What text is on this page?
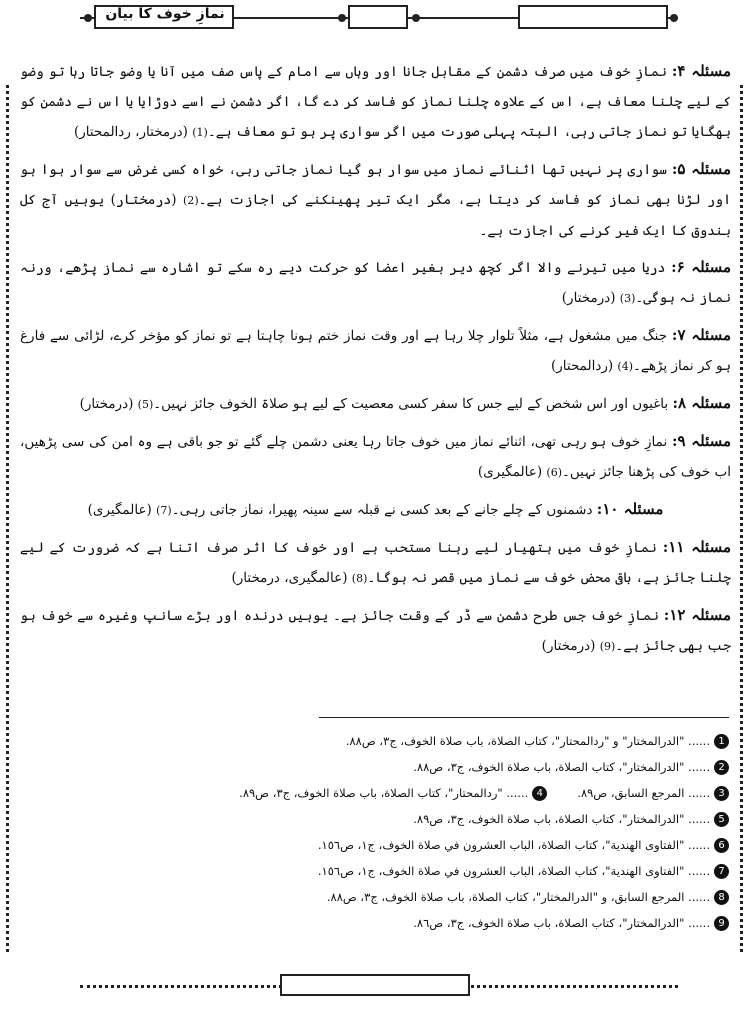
نمازِ خوف کا بیان

مسئلہ ۴: نمازِ خوف میں صرف دشمن کے مقابل جانا اور وہاں سے امام کے پاس صف میں آنا یا وضو جاتا رہا تو وضو کے لیے چلنا معاف ہے، اس کے علاوہ چلنا نماز کو فاسد کر دے گا، اگر دشمن نے اسے دوڑایا یا اس نے دشمن کو بھگایا تو نماز جاتی رہی، البتہ پہلی صورت میں اگر سواری پر ہو تو معاف ہے۔(1) (درمختار، ردالمحتار)

مسئلہ ۵: سواری پر نہیں تھا اثنائے نماز میں سوار ہو گیا نماز جاتی رہی، خواہ کسی غرض سے سوار ہوا ہو اور لڑنا بھی نماز کو فاسد کر دیتا ہے، مگر ایک تیر پھینکنے کی اجازت ہے۔(2) (درمختار) یوہیں آج کل بندوق کا ایک فیر کرنے کی اجازت ہے۔

مسئلہ ۶: دریا میں تیرنے والا اگر کچھ دیر بغیر اعضا کو حرکت دیے رہ سکے تو اشارہ سے نماز پڑھے، ورنہ نماز نہ ہوگی۔(3) (درمختار)

مسئلہ ۷: جنگ میں مشغول ہے، مثلاً تلوار چلا رہا ہے اور وقت نماز ختم ہونا چاہتا ہے تو نماز کو مؤخر کرے، لڑائی سے فارغ ہو کر نماز پڑھے۔(4) (ردالمحتار)

مسئلہ ۸: باغیوں اور اس شخص کے لیے جس کا سفر کسی معصیت کے لیے ہو صلاۃ الخوف جائز نہیں۔(5) (درمختار)

مسئلہ ۹: نمازِ خوف ہو رہی تھی، اثنائے نماز میں خوف جاتا رہا یعنی دشمن چلے گئے تو جو باقی ہے وہ امن کی سی پڑھیں، اب خوف کی پڑھنا جائز نہیں۔(6) (عالمگیری)

مسئلہ ۱۰: دشمنوں کے چلے جانے کے بعد کسی نے قبلہ سے سینہ پھیرا، نماز جاتی رہی۔(7) (عالمگیری)

مسئلہ ۱۱: نمازِ خوف میں ہتھیار لیے رہنا مستحب ہے اور خوف کا اثر صرف اتنا ہے کہ ضرورت کے لیے چلنا جائز ہے، باقی محض خوف سے نماز میں قصر نہ ہوگا۔(8) (عالمگیری، درمختار)

مسئلہ ۱۲: نمازِ خوف جس طرح دشمن سے ڈر کے وقت جائز ہے۔ یوہیں درندہ اور بڑے سانپ وغیرہ سے خوف ہو جب بھی جائز ہے۔(9) (درمختار)

1...... "الدرالمختار" و "ردالمحتار"، كتاب الصلاة، باب صلاة الخوف، ج٣، ص٨٨.
2...... "الدرالمختار"، كتاب الصلاة، باب صلاة الخوف، ج٣، ص٨٨.
3...... المرجع السابق، ص٨٩.4...... "ردالمحتار"، كتاب الصلاة، باب صلاة الخوف، ج٣، ص٨٩.
5...... "الدرالمختار"، كتاب الصلاة، باب صلاة الخوف، ج٣، ص٨٩.
6...... "الفتاوى الهندية"، كتاب الصلاة، الباب العشرون في صلاة الخوف، ج١، ص١٥٦.
7...... "الفتاوى الهندية"، كتاب الصلاة، الباب العشرون في صلاة الخوف، ج١، ص١٥٦.
8...... المرجع السابق، و "الدرالمختار"، كتاب الصلاة، باب صلاة الخوف، ج٣، ص٨٨.
9...... "الدرالمختار"، كتاب الصلاة، باب صلاة الخوف، ج٣، ص٨٦.
